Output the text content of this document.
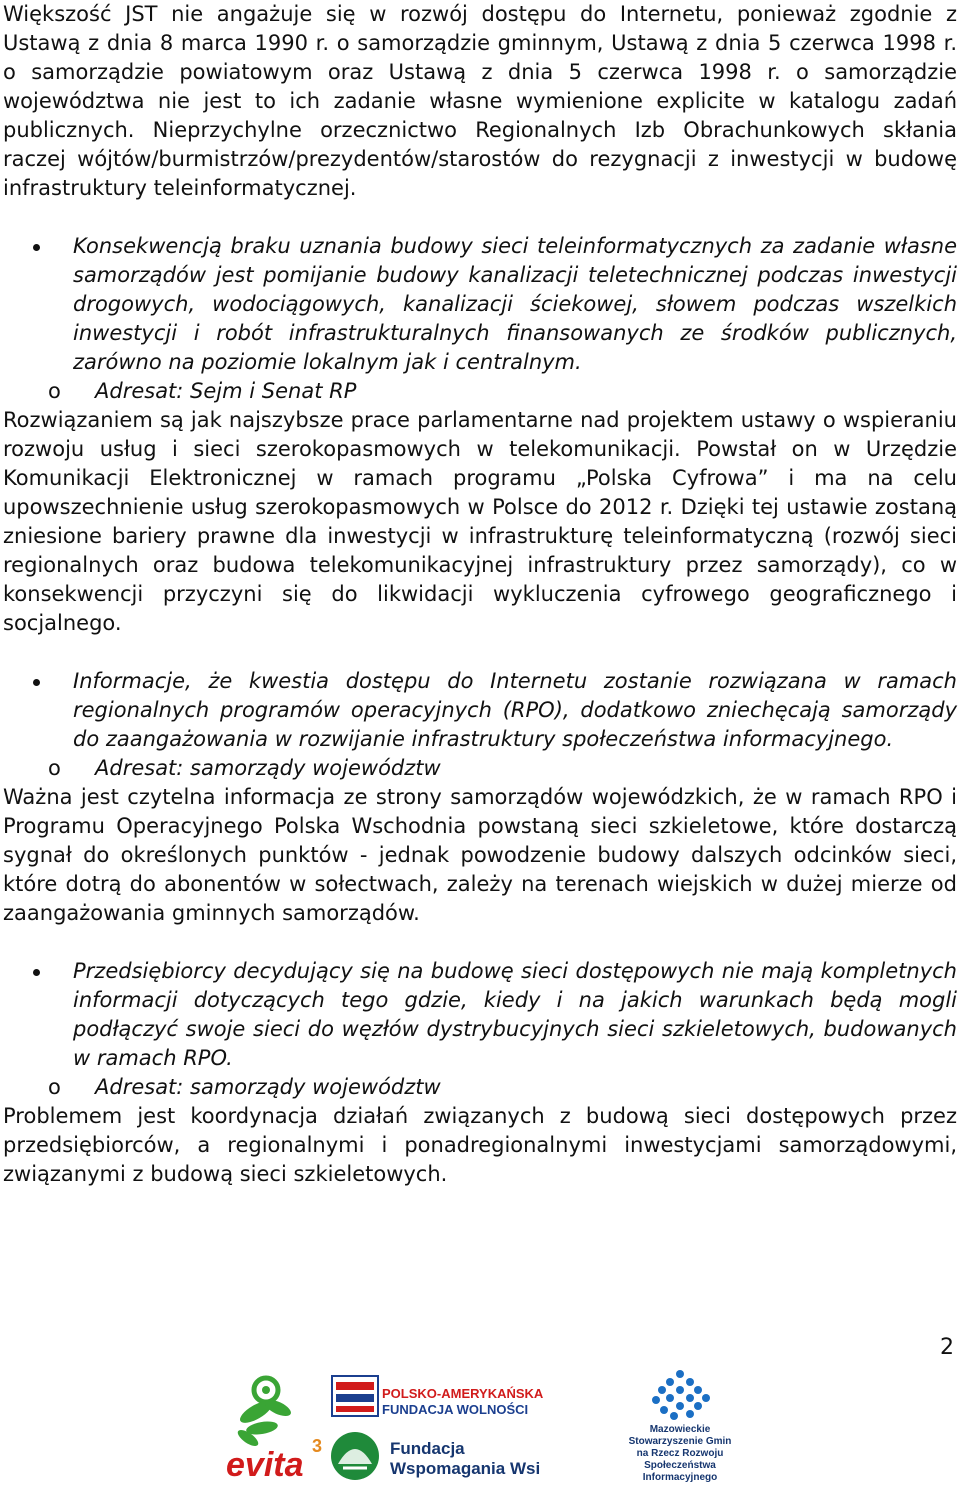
Większość JST nie angażuje się w rozwój dostępu do Internetu, ponieważ zgodnie z Ustawą z dnia 8 marca 1990 r. o samorządzie gminnym, Ustawą z dnia 5 czerwca 1998 r. o samorządzie powiatowym oraz Ustawą z dnia 5 czerwca 1998 r. o samorządzie województwa nie jest to ich zadanie własne wymienione explicite w katalogu zadań publicznych. Nieprzychylne orzecznictwo Regionalnych Izb Obrachunkowych skłania raczej wójtów/burmistrzów/prezydentów/starostów do rezygnacji z inwestycji w budowę infrastruktury teleinformatycznej.

Konsekwencją braku uznania budowy sieci teleinformatycznych za zadanie własne samorządów jest pomijanie budowy kanalizacji teletechnicznej podczas inwestycji drogowych, wodociągowych, kanalizacji ściekowej, słowem podczas wszelkich inwestycji i robót infrastrukturalnych finansowanych ze środków publicznych, zarówno na poziomie lokalnym jak i centralnym.
o Adresat: Sejm i Senat RP

Rozwiązaniem są jak najszybsze prace parlamentarne nad projektem ustawy o wspieraniu rozwoju usług i sieci szerokopasmowych w telekomunikacji. Powstał on w Urzędzie Komunikacji Elektronicznej w ramach programu „Polska Cyfrowa” i ma na celu upowszechnienie usług szerokopasmowych w Polsce do 2012 r. Dzięki tej ustawie zostaną zniesione bariery prawne dla inwestycji w infrastrukturę teleinformatyczną (rozwój sieci regionalnych oraz budowa telekomunikacyjnej infrastruktury przez samorządy), co w konsekwencji przyczyni się do likwidacji wykluczenia cyfrowego geograficznego i socjalnego.

Informacje, że kwestia dostępu do Internetu zostanie rozwiązana w ramach regionalnych programów operacyjnych (RPO), dodatkowo zniechęcają samorządy do zaangażowania w rozwijanie infrastruktury społeczeństwa informacyjnego.
o Adresat: samorządy województw

Ważna jest czytelna informacja ze strony samorządów wojewódzkich, że w ramach RPO i Programu Operacyjnego Polska Wschodnia powstaną sieci szkieletowe, które dostarczą sygnał do określonych punktów - jednak powodzenie budowy dalszych odcinków sieci, które dotrą do abonentów w sołectwach, zależy na terenach wiejskich w dużej mierze od zaangażowania gminnych samorządów.

Przedsiębiorcy decydujący się na budowę sieci dostępowych nie mają kompletnych informacji dotyczących tego gdzie, kiedy i na jakich warunkach będą mogli podłączyć swoje sieci do węzłów dystrybucyjnych sieci szkieletowych, budowanych w ramach RPO.
o Adresat: samorządy województw

Problemem jest koordynacja działań związanych z budową sieci dostępowych przez przedsiębiorców, a regionalnymi i ponadregionalnymi inwestycjami samorządowymi, związanymi z budową sieci szkieletowych.

2
evita 3
POLSKO-AMERYKAŃSKA
FUNDACJA WOLNOŚCI
Fundacja
Wspomagania Wsi
Mazowieckie
Stowarzyszenie Gmin
na Rzecz Rozwoju
Społeczeństwa
Informacyjnego
